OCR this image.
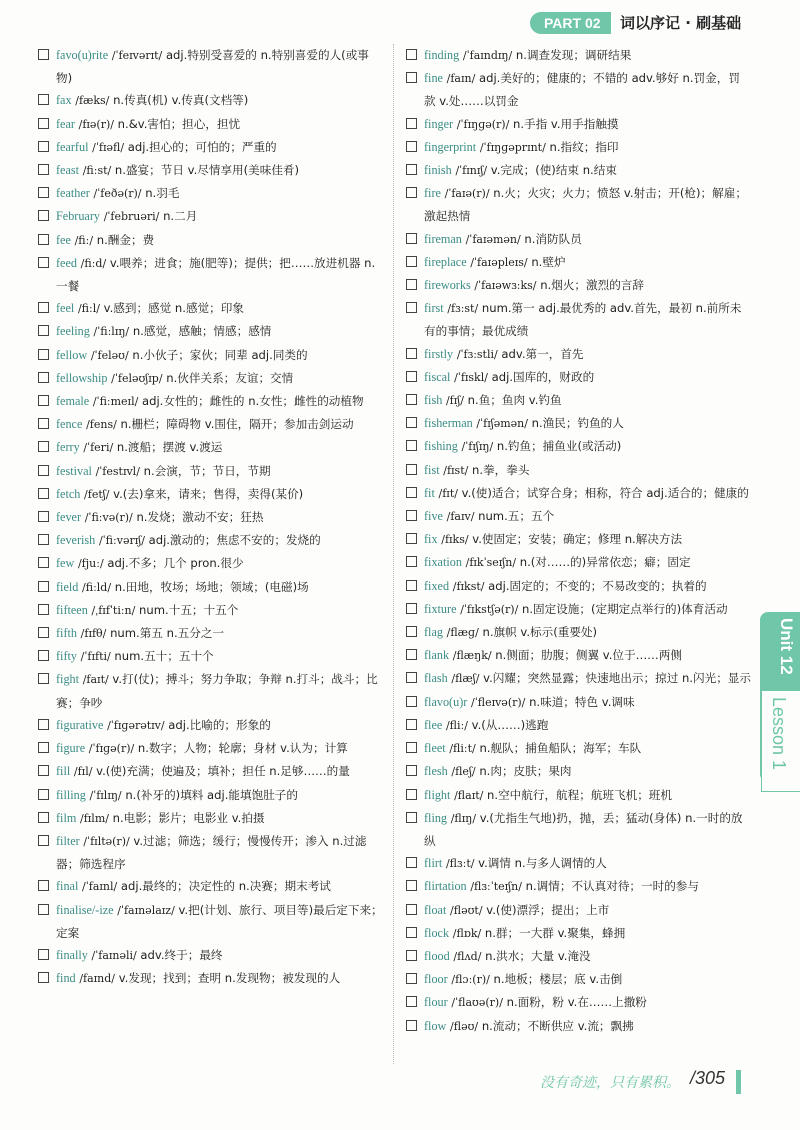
PART 02	词以序记 · 刷基础
favo(u)rite /ˈfeɪvərɪt/ adj.特别受喜爱的 n.特别喜爱的人(或事物)
fax /fæks/ n.传真(机) v.传真(文档等)
fear /fɪə(r)/ n.&v.害怕；担心，担忧
fearful /ˈfɪəfl/ adj.担心的；可怕的；严重的
feast /fiːst/ n.盛宴；节日 v.尽情享用(美味佳肴)
feather /ˈfeðə(r)/ n.羽毛
February /ˈfebruəri/ n.二月
fee /fiː/ n.酬金；费
feed /fiːd/ v.喂养；进食；施(肥等)；提供；把……放进机器 n.一餐
feel /fiːl/ v.感到；感觉 n.感觉；印象
feeling /ˈfiːlɪŋ/ n.感觉，感触；情感；感情
fellow /ˈfeləʊ/ n.小伙子；家伙；同辈 adj.同类的
fellowship /ˈfeləʊʃɪp/ n.伙伴关系；友谊；交情
female /ˈfiːmeɪl/ adj.女性的；雌性的 n.女性；雌性的动植物
fence /fens/ n.栅栏；障碍物 v.围住，隔开；参加击剑运动
ferry /ˈferi/ n.渡船；摆渡 v.渡运
festival /ˈfestɪvl/ n.会演，节；节日，节期
fetch /fetʃ/ v.(去)拿来，请来；售得，卖得(某价)
fever /ˈfiːvə(r)/ n.发烧；激动不安；狂热
feverish /ˈfiːvərɪʃ/ adj.激动的；焦虑不安的；发烧的
few /fjuː/ adj.不多；几个 pron.很少
field /fiːld/ n.田地，牧场；场地；领域；(电磁)场
fifteen /ˌfɪfˈtiːn/ num.十五；十五个
fifth /fɪfθ/ num.第五 n.五分之一
fifty /ˈfɪfti/ num.五十；五十个
fight /faɪt/ v.打(仗)；搏斗；努力争取；争辩 n.打斗；战斗；比赛；争吵
figurative /ˈfɪɡərətɪv/ adj.比喻的；形象的
figure /ˈfɪɡə(r)/ n.数字；人物；轮廓；身材 v.认为；计算
fill /fɪl/ v.(使)充满；使遍及；填补；担任 n.足够……的量
filling /ˈfɪlɪŋ/ n.(补牙的)填料 adj.能填饱肚子的
film /fɪlm/ n.电影；影片；电影业 v.拍摄
filter /ˈfɪltə(r)/ v.过滤；筛选；缓行；慢慢传开；渗入 n.过滤器；筛选程序
final /ˈfaɪnl/ adj.最终的；决定性的 n.决赛；期末考试
finalise/-ize /ˈfaɪnəlaɪz/ v.把(计划、旅行、项目等)最后定下来；定案
finally /ˈfaɪnəli/ adv.终于；最终
find /faɪnd/ v.发现；找到；查明 n.发现物；被发现的人
finding /ˈfaɪndɪŋ/ n.调查发现；调研结果
fine /faɪn/ adj.美好的；健康的；不错的 adv.够好 n.罚金，罚款 v.处……以罚金
finger /ˈfɪŋɡə(r)/ n.手指 v.用手指触摸
fingerprint /ˈfɪŋɡəprɪnt/ n.指纹；指印
finish /ˈfɪnɪʃ/ v.完成；(使)结束 n.结束
fire /ˈfaɪə(r)/ n.火；火灾；火力；愤怒 v.射击；开(枪)；解雇；激起热情
fireman /ˈfaɪəmən/ n.消防队员
fireplace /ˈfaɪəpleɪs/ n.壁炉
fireworks /ˈfaɪəwɜːks/ n.烟火；激烈的言辞
first /fɜːst/ num.第一 adj.最优秀的 adv.首先，最初 n.前所未有的事情；最优成绩
firstly /ˈfɜːstli/ adv.第一，首先
fiscal /ˈfɪskl/ adj.国库的，财政的
fish /fɪʃ/ n.鱼；鱼肉 v.钓鱼
fisherman /ˈfɪʃəmən/ n.渔民；钓鱼的人
fishing /ˈfɪʃɪŋ/ n.钓鱼；捕鱼业(或活动)
fist /fɪst/ n.拳，拳头
fit /fɪt/ v.(使)适合；试穿合身；相称，符合 adj.适合的；健康的
five /faɪv/ num.五；五个
fix /fɪks/ v.使固定；安装；确定；修理 n.解决方法
fixation /fɪkˈseɪʃn/ n.(对……的)异常依恋；癖；固定
fixed /fɪkst/ adj.固定的；不变的；不易改变的；执着的
fixture /ˈfɪkstʃə(r)/ n.固定设施；(定期定点举行的)体育活动
flag /flæɡ/ n.旗帜 v.标示(重要处)
flank /flæŋk/ n.侧面；肋腹；侧翼 v.位于……两侧
flash /flæʃ/ v.闪耀；突然显露；快速地出示；掠过 n.闪光；显示
flavo(u)r /ˈfleɪvə(r)/ n.味道；特色 v.调味
flee /fliː/ v.(从……)逃跑
fleet /fliːt/ n.舰队；捕鱼船队；海军；车队
flesh /fleʃ/ n.肉；皮肤；果肉
flight /flaɪt/ n.空中航行，航程；航班飞机；班机
fling /flɪŋ/ v.(尤指生气地)扔，抛，丢；猛动(身体) n.一时的放纵
flirt /flɜːt/ v.调情 n.与多人调情的人
flirtation /flɜːˈteɪʃn/ n.调情；不认真对待；一时的参与
float /fləʊt/ v.(使)漂浮；提出；上市
flock /flɒk/ n.群；一大群 v.聚集，蜂拥
flood /flʌd/ n.洪水；大量 v.淹没
floor /flɔː(r)/ n.地板；楼层；底 v.击倒
flour /ˈflaʊə(r)/ n.面粉，粉 v.在……上撒粉
flow /fləʊ/ n.流动；不断供应 v.流；飘拂
Unit 12
Lesson 1
没有奇迹，只有累积。 /305
